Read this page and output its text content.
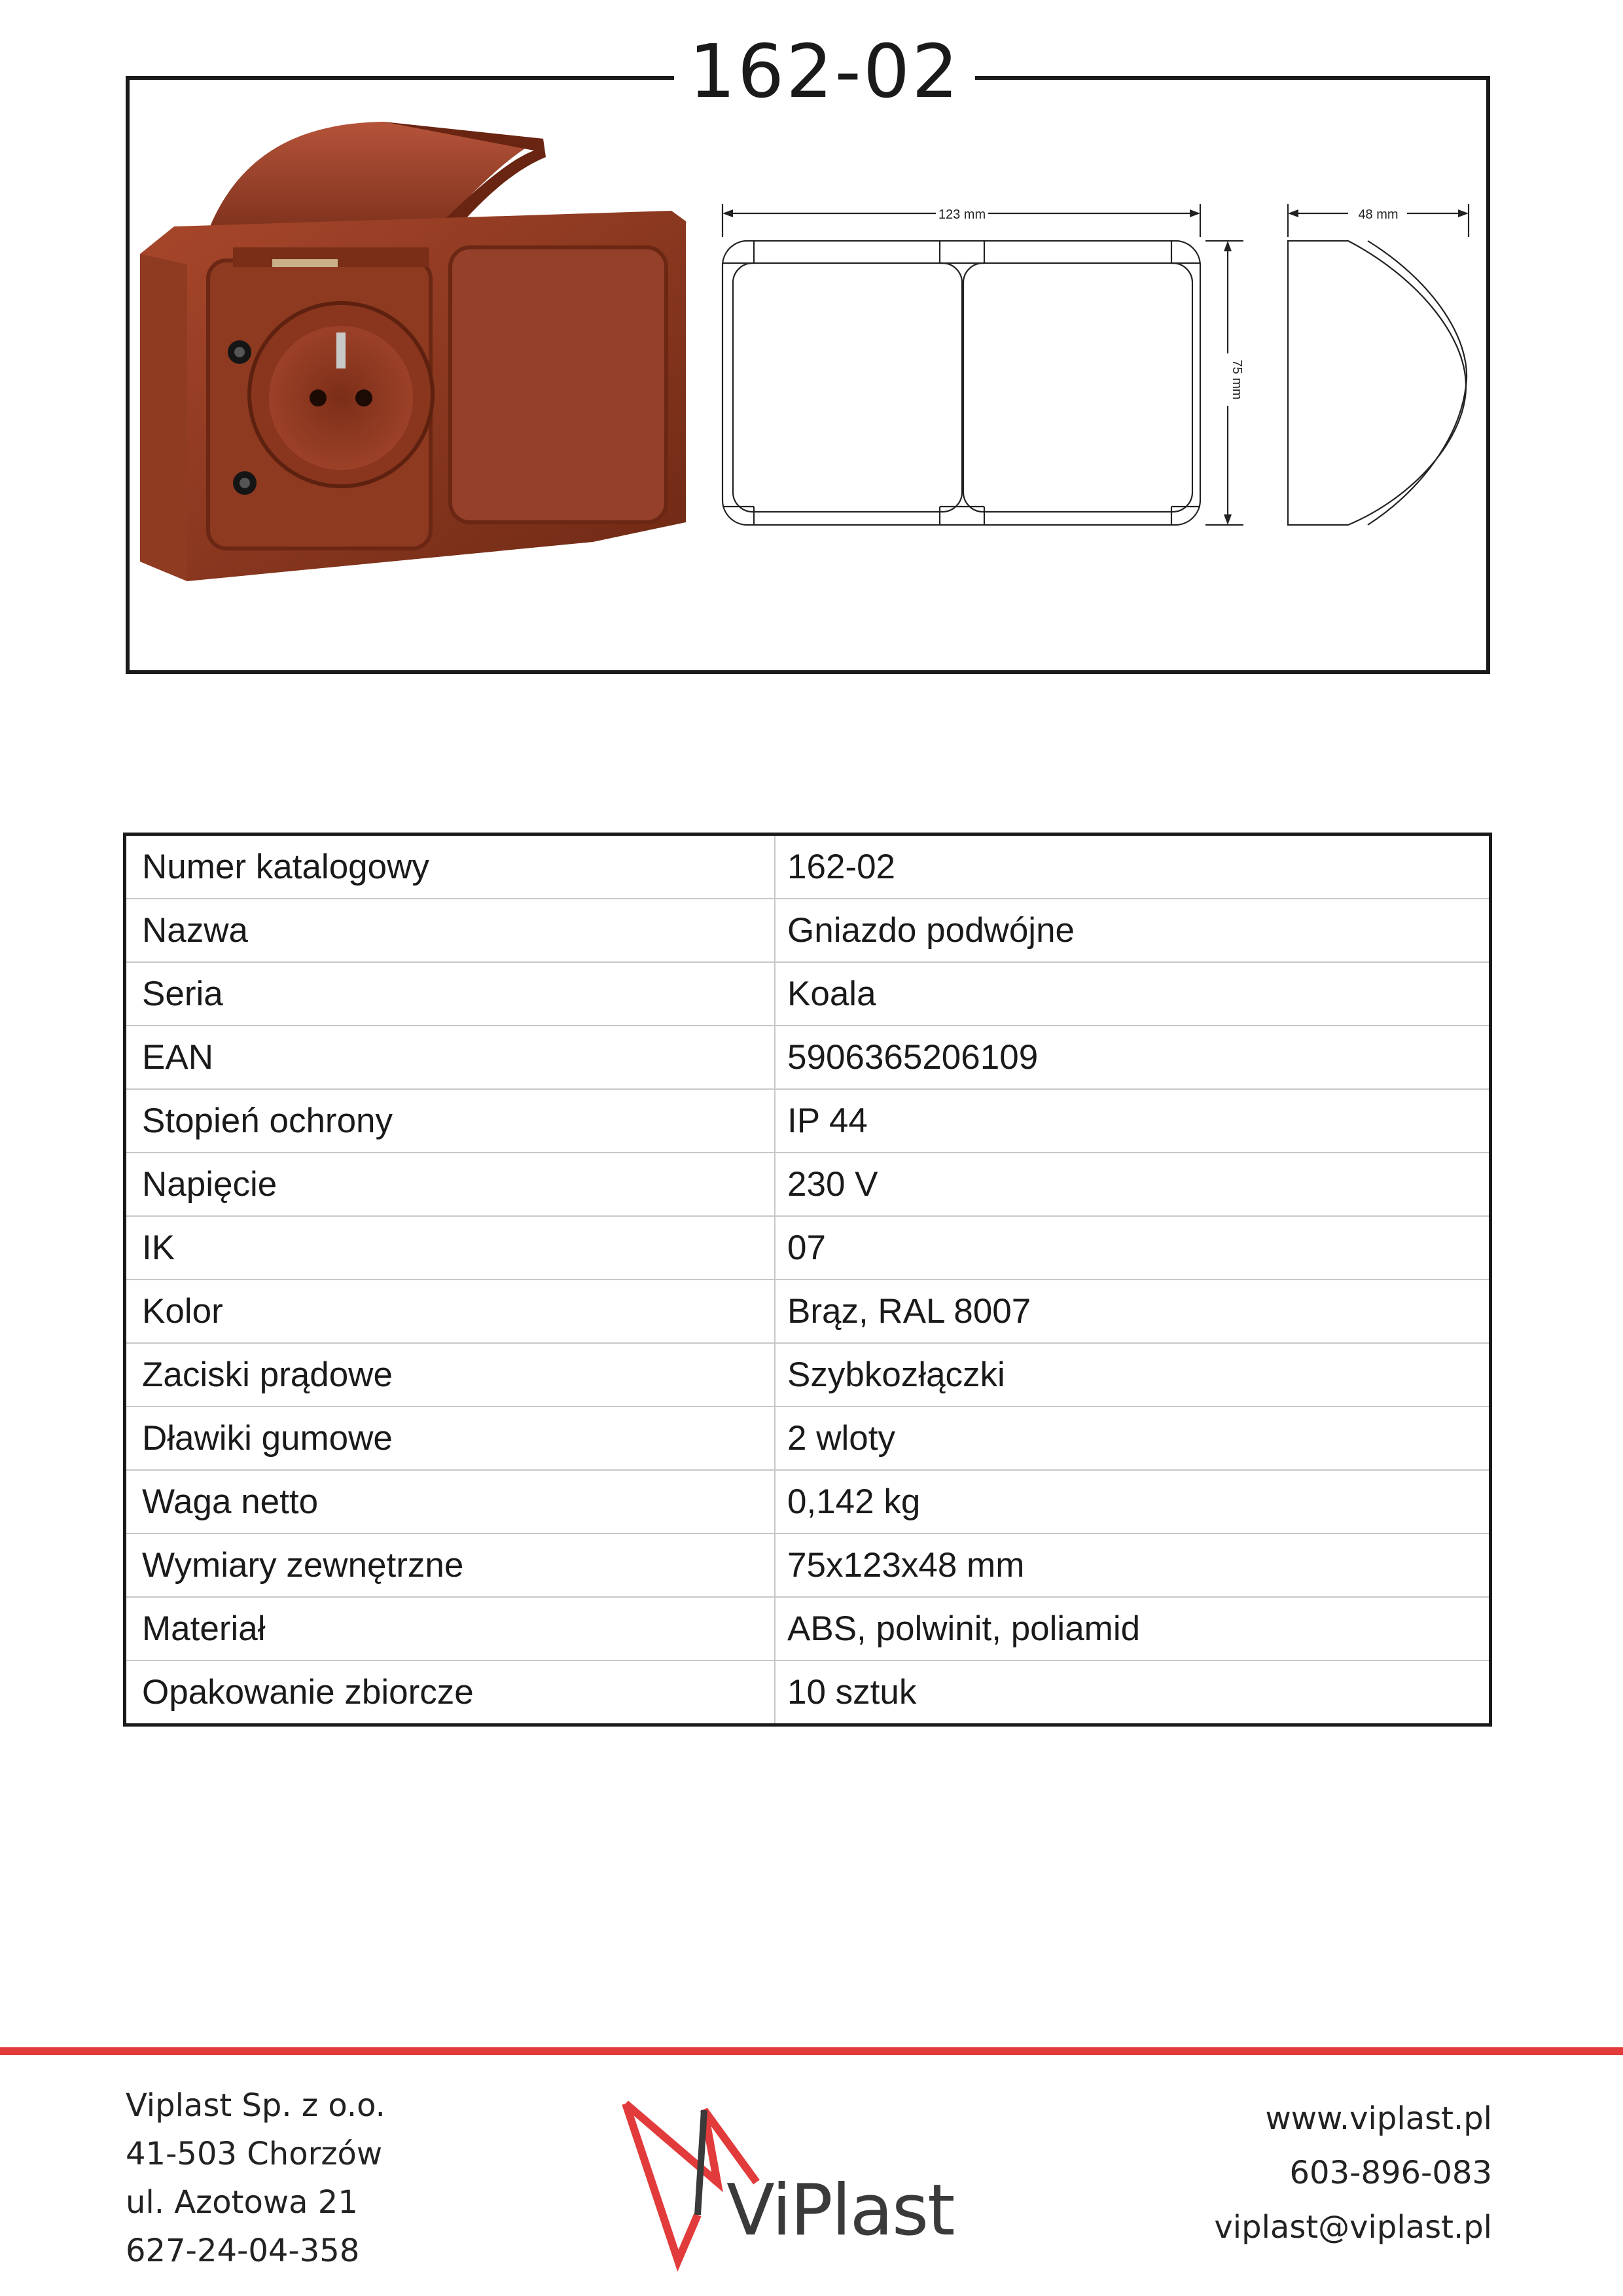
162-02
123 mm
75 mm
48 mm
Numer katalogowy	162-02
Nazwa	Gniazdo podwójne
Seria	Koala
EAN	5906365206109
Stopień ochrony	IP 44
Napięcie	230 V
IK	07
Kolor	Brąz, RAL 8007
Zaciski prądowe	Szybkozłączki
Dławiki gumowe	2 wloty
Waga netto	0,142 kg
Wymiary zewnętrzne	75x123x48 mm
Materiał	ABS, polwinit, poliamid
Opakowanie zbiorcze	10 sztuk
Viplast Sp. z o.o.
41-503 Chorzów
ul. Azotowa 21
627-24-04-358	ViPlast
www.viplast.pl
603-896-083
viplast@viplast.pl
